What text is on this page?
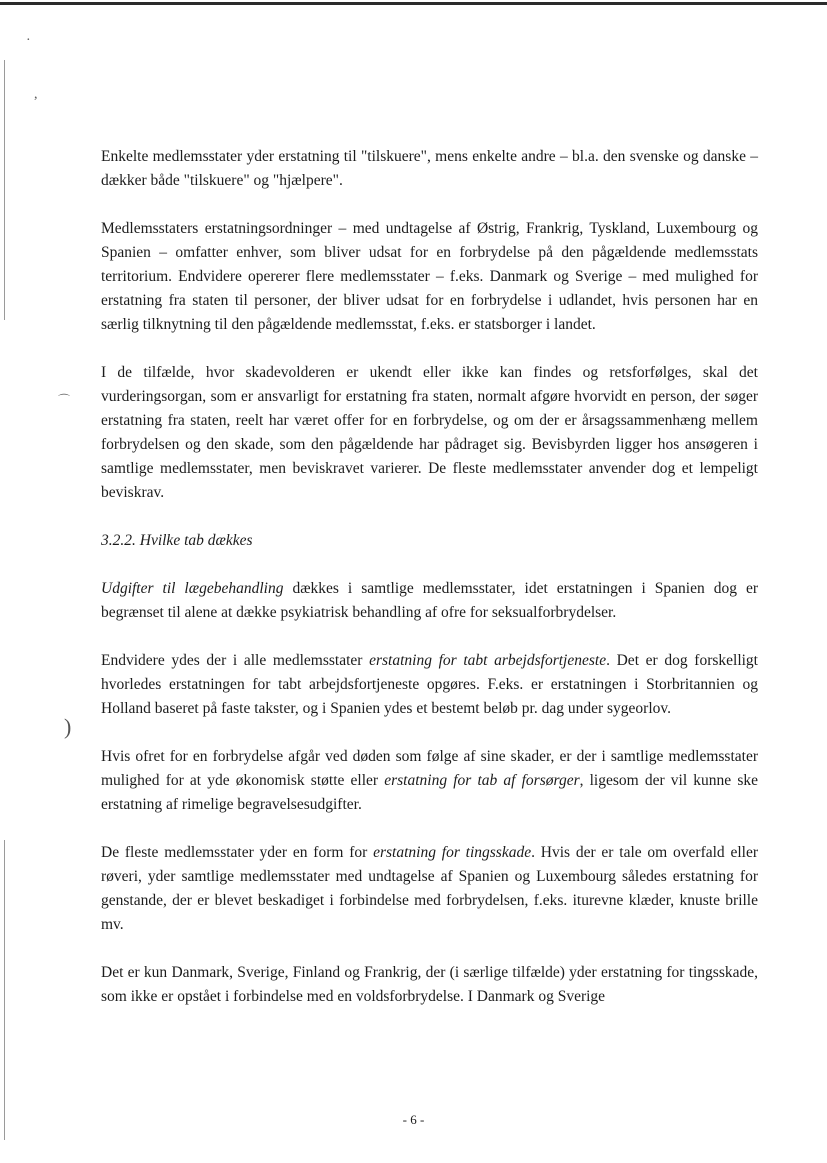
·
,
⌒
)

Enkelte medlemsstater yder erstatning til "tilskuere", mens enkelte andre – bl.a. den svenske og danske – dækker både "tilskuere" og "hjælpere".

Medlemsstaters erstatningsordninger – med undtagelse af Østrig, Frankrig, Tyskland, Luxembourg og Spanien – omfatter enhver, som bliver udsat for en forbrydelse på den pågældende medlemsstats territorium. Endvidere opererer flere medlemsstater – f.eks. Danmark og Sverige – med mulighed for erstatning fra staten til personer, der bliver udsat for en forbrydelse i udlandet, hvis personen har en særlig tilknytning til den pågældende medlemsstat, f.eks. er statsborger i landet.

I de tilfælde, hvor skadevolderen er ukendt eller ikke kan findes og retsforfølges, skal det vurderingsorgan, som er ansvarligt for erstatning fra staten, normalt afgøre hvorvidt en person, der søger erstatning fra staten, reelt har været offer for en forbrydelse, og om der er årsagssammenhæng mellem forbrydelsen og den skade, som den pågældende har pådraget sig. Bevisbyrden ligger hos ansøgeren i samtlige medlemsstater, men beviskravet varierer. De fleste medlemsstater anvender dog et lempeligt beviskrav.

3.2.2. Hvilke tab dækkes

Udgifter til lægebehandling dækkes i samtlige medlemsstater, idet erstatningen i Spanien dog er begrænset til alene at dække psykiatrisk behandling af ofre for seksualforbrydelser.

Endvidere ydes der i alle medlemsstater erstatning for tabt arbejdsfortjeneste. Det er dog forskelligt hvorledes erstatningen for tabt arbejdsfortjeneste opgøres. F.eks. er erstatningen i Storbritannien og Holland baseret på faste takster, og i Spanien ydes et bestemt beløb pr. dag under sygeorlov.

Hvis ofret for en forbrydelse afgår ved døden som følge af sine skader, er der i samtlige medlemsstater mulighed for at yde økonomisk støtte eller erstatning for tab af forsørger, ligesom der vil kunne ske erstatning af rimelige begravelsesudgifter.

De fleste medlemsstater yder en form for erstatning for tingsskade. Hvis der er tale om overfald eller røveri, yder samtlige medlemsstater med undtagelse af Spanien og Luxembourg således erstatning for genstande, der er blevet beskadiget i forbindelse med forbrydelsen, f.eks. iturevne klæder, knuste brille mv.

Det er kun Danmark, Sverige, Finland og Frankrig, der (i særlige tilfælde) yder erstatning for tingsskade, som ikke er opstået i forbindelse med en voldsforbrydelse. I Danmark og Sverige

- 6 -
